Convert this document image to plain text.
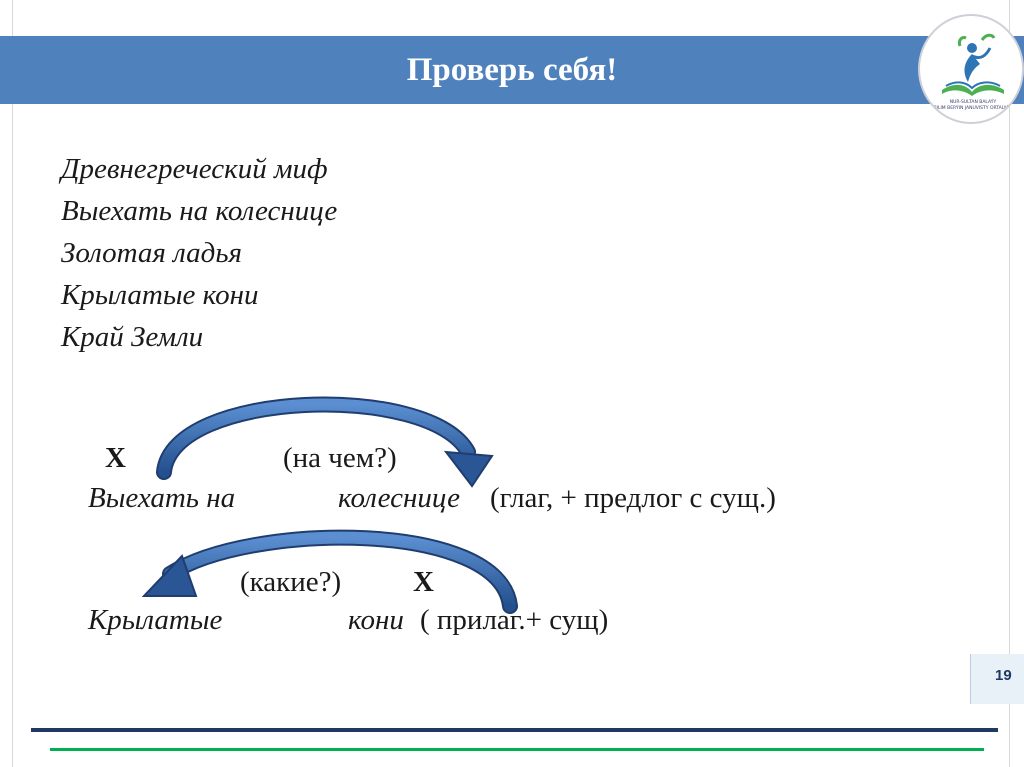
Проверь себя!
NUR-SULTAN BALAÝY
BILIM BERÝIN JANUVISTY ORTALYĞY
Древнегреческий миф
Выехать на колеснице
Золотая ладья
Крылатые кони
Край Земли
Х	(на чем?)
Выехать на	колеснице (глаг, + предлог с сущ.)
(какие?) Х
Крылатые	кони ( прилаг.+ сущ)
19
